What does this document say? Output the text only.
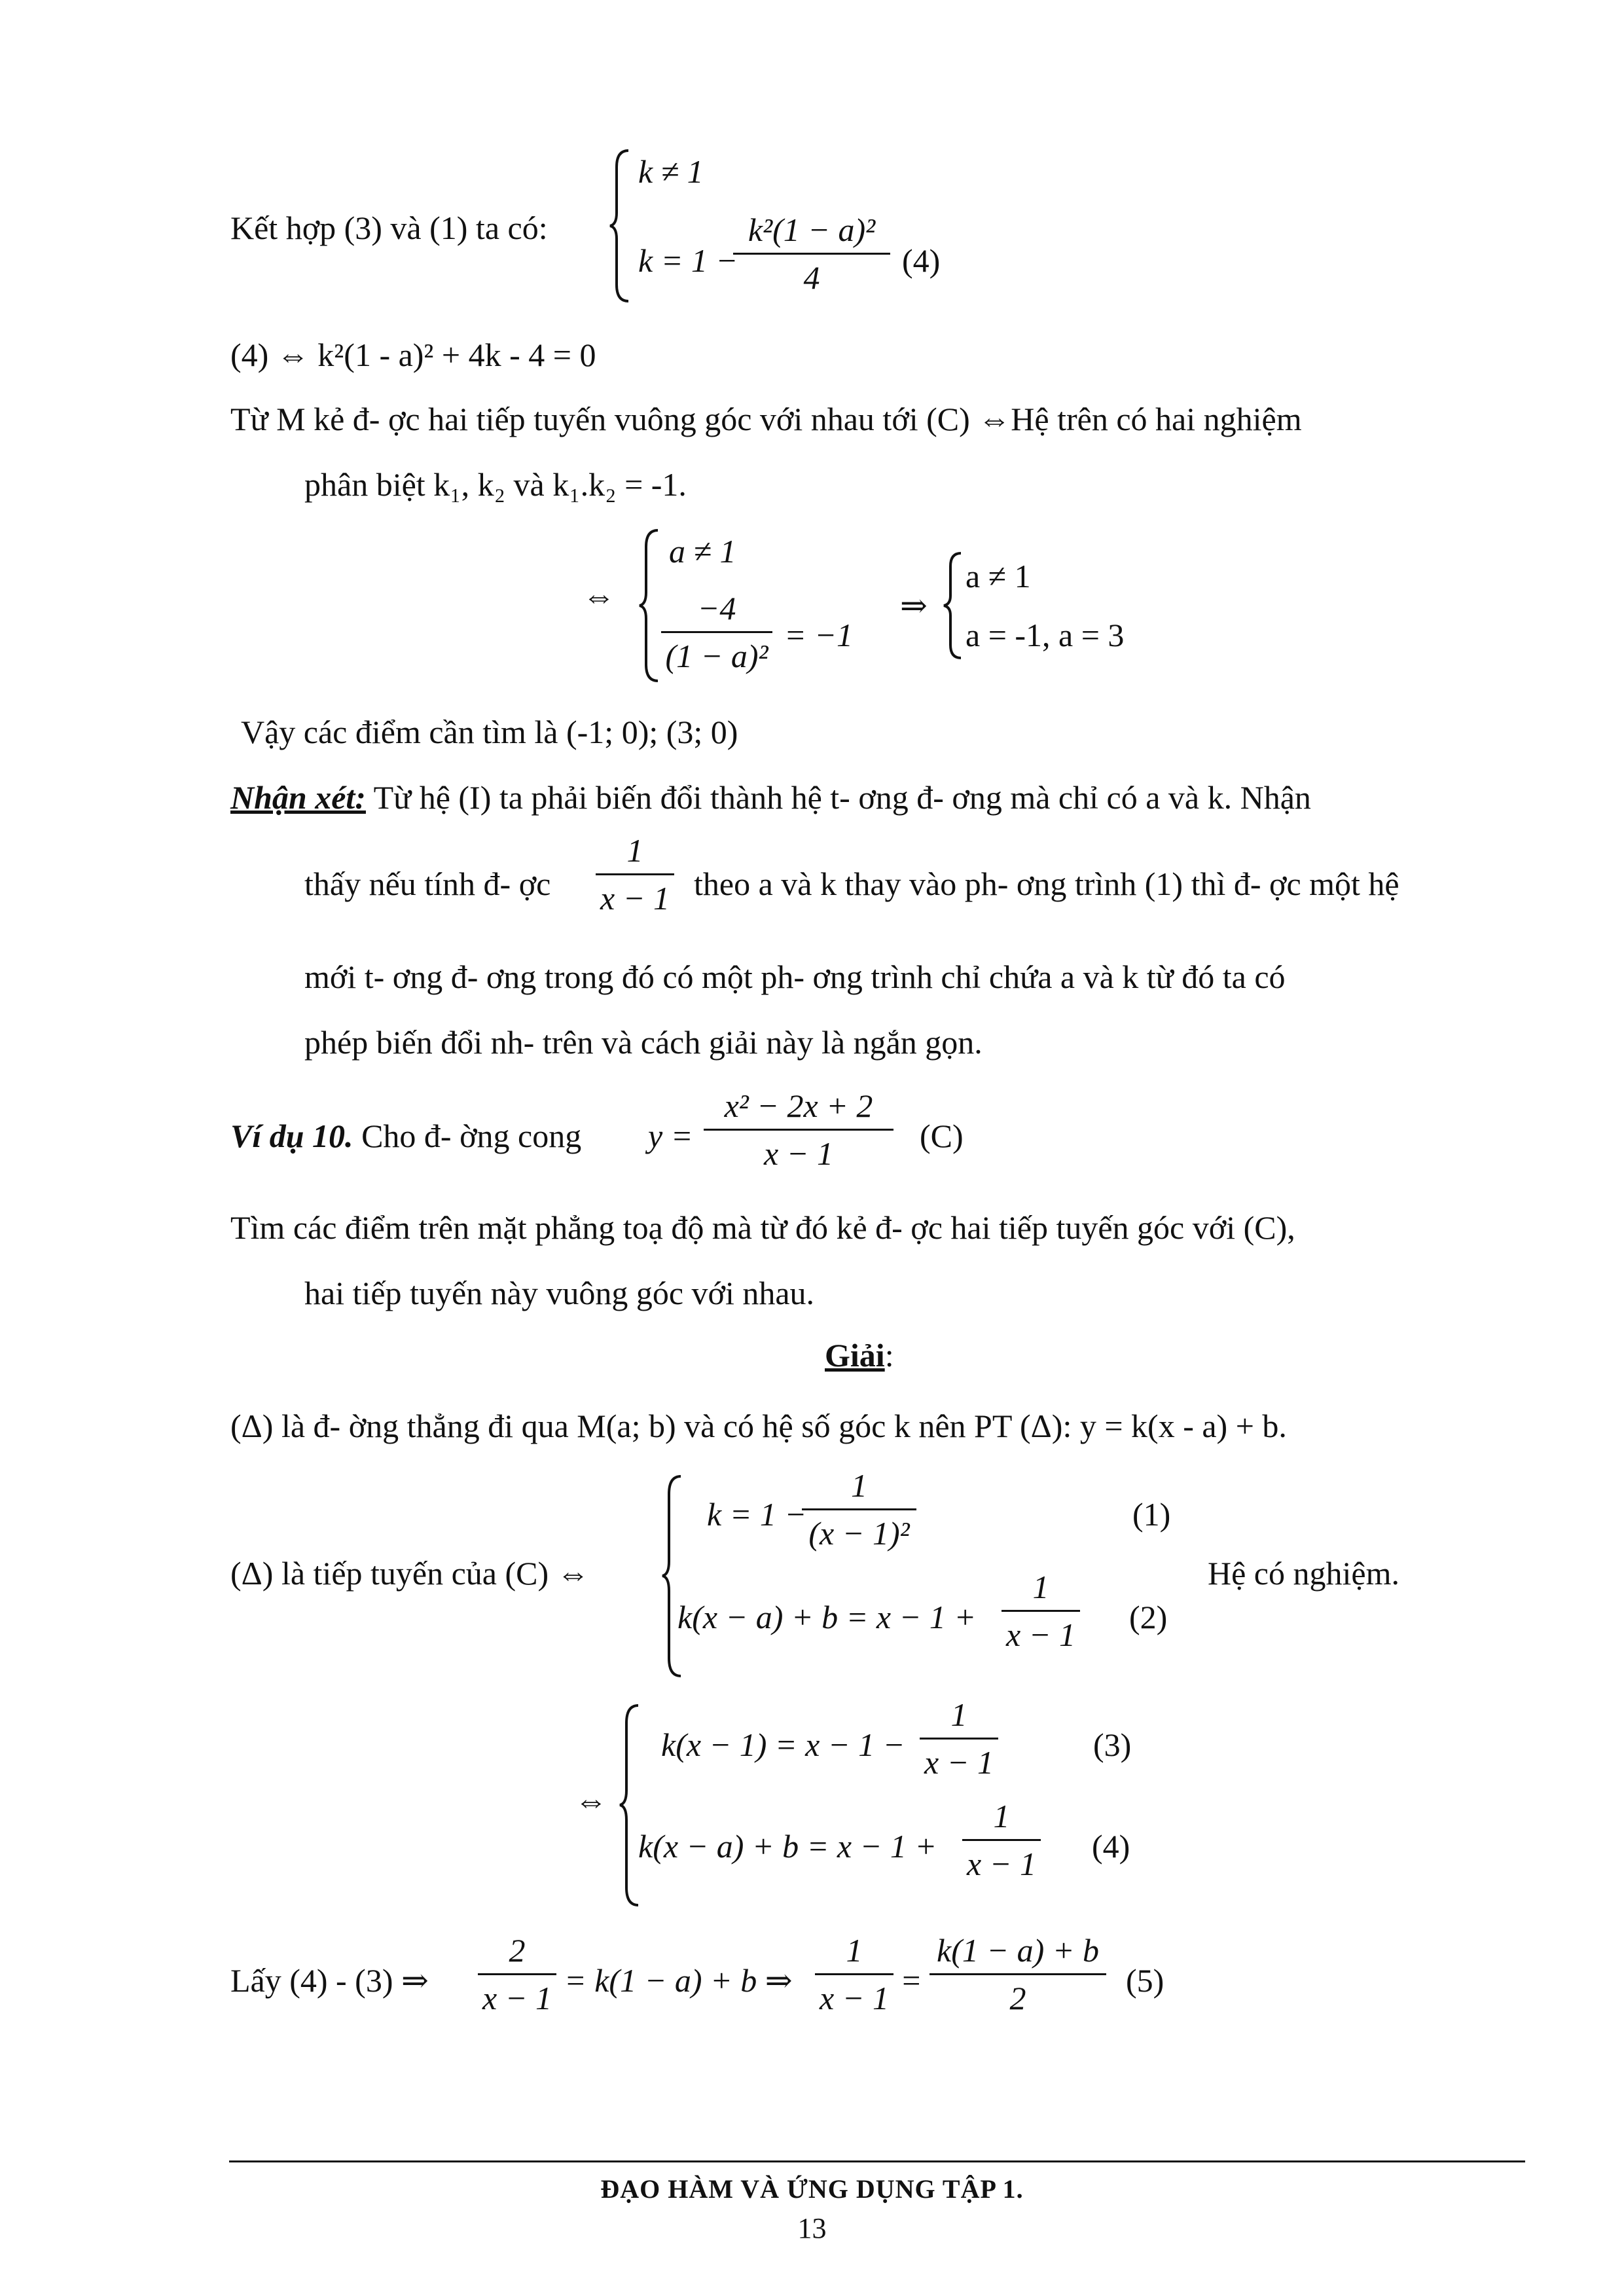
Kết hợp (3) và (1) ta có:
k ≠ 1
k = 1 −
k²(1 − a)²
4	(4)
(4) ⇔ k²(1 - a)² + 4k - 4 = 0
Từ M kẻ đ- ợc hai tiếp tuyến vuông góc với nhau tới (C) ⇔Hệ trên có hai nghiệm
phân biệt k₁, k₂ và k₁.k₂ = -1.
⇔
a ≠ 1
−4
(1 − a)²
= −1
⇒
a ≠ 1
a = -1, a = 3
Vậy các điểm cần tìm là (-1; 0); (3; 0)
Nhận xét: Từ hệ (I) ta phải biến đổi thành hệ t- ơng đ- ơng mà chỉ có a và k. Nhận
thấy nếu tính đ- ợc
1
x − 1 theo a và k thay vào ph- ơng trình (1) thì đ- ợc một hệ
mới t- ơng đ- ơng trong đó có một ph- ơng trình chỉ chứa a và k từ đó ta có
phép biến đổi nh- trên và cách giải này là ngắn gọn.
Ví dụ 10. Cho đ- ờng cong y =
x² − 2x + 2
x − 1	(C)
Tìm các điểm trên mặt phẳng toạ độ mà từ đó kẻ đ- ợc hai tiếp tuyến góc với (C),
hai tiếp tuyến này vuông góc với nhau.
Giải:
(Δ) là đ- ờng thẳng đi qua M(a; b) và có hệ số góc k nên PT (Δ): y = k(x - a) + b.
(Δ) là tiếp tuyến của (C) ⇔
k = 1 −
1
(x − 1)²
(1)
k(x − a) + b = x − 1 +
1
x − 1 (2)
Hệ có nghiệm.
⇔
k(x − 1) = x − 1 −
1
x − 1	(3)
k(x − a) + b = x − 1 +
1
x − 1 (4)
Lấy (4) - (3) ⇒
2
x − 1 = k(1 − a) + b ⇒
1
x − 1 =
k(1 − a) + b
2	(5)
ĐẠO HÀM VÀ ỨNG DỤNG TẬP 1.
13
